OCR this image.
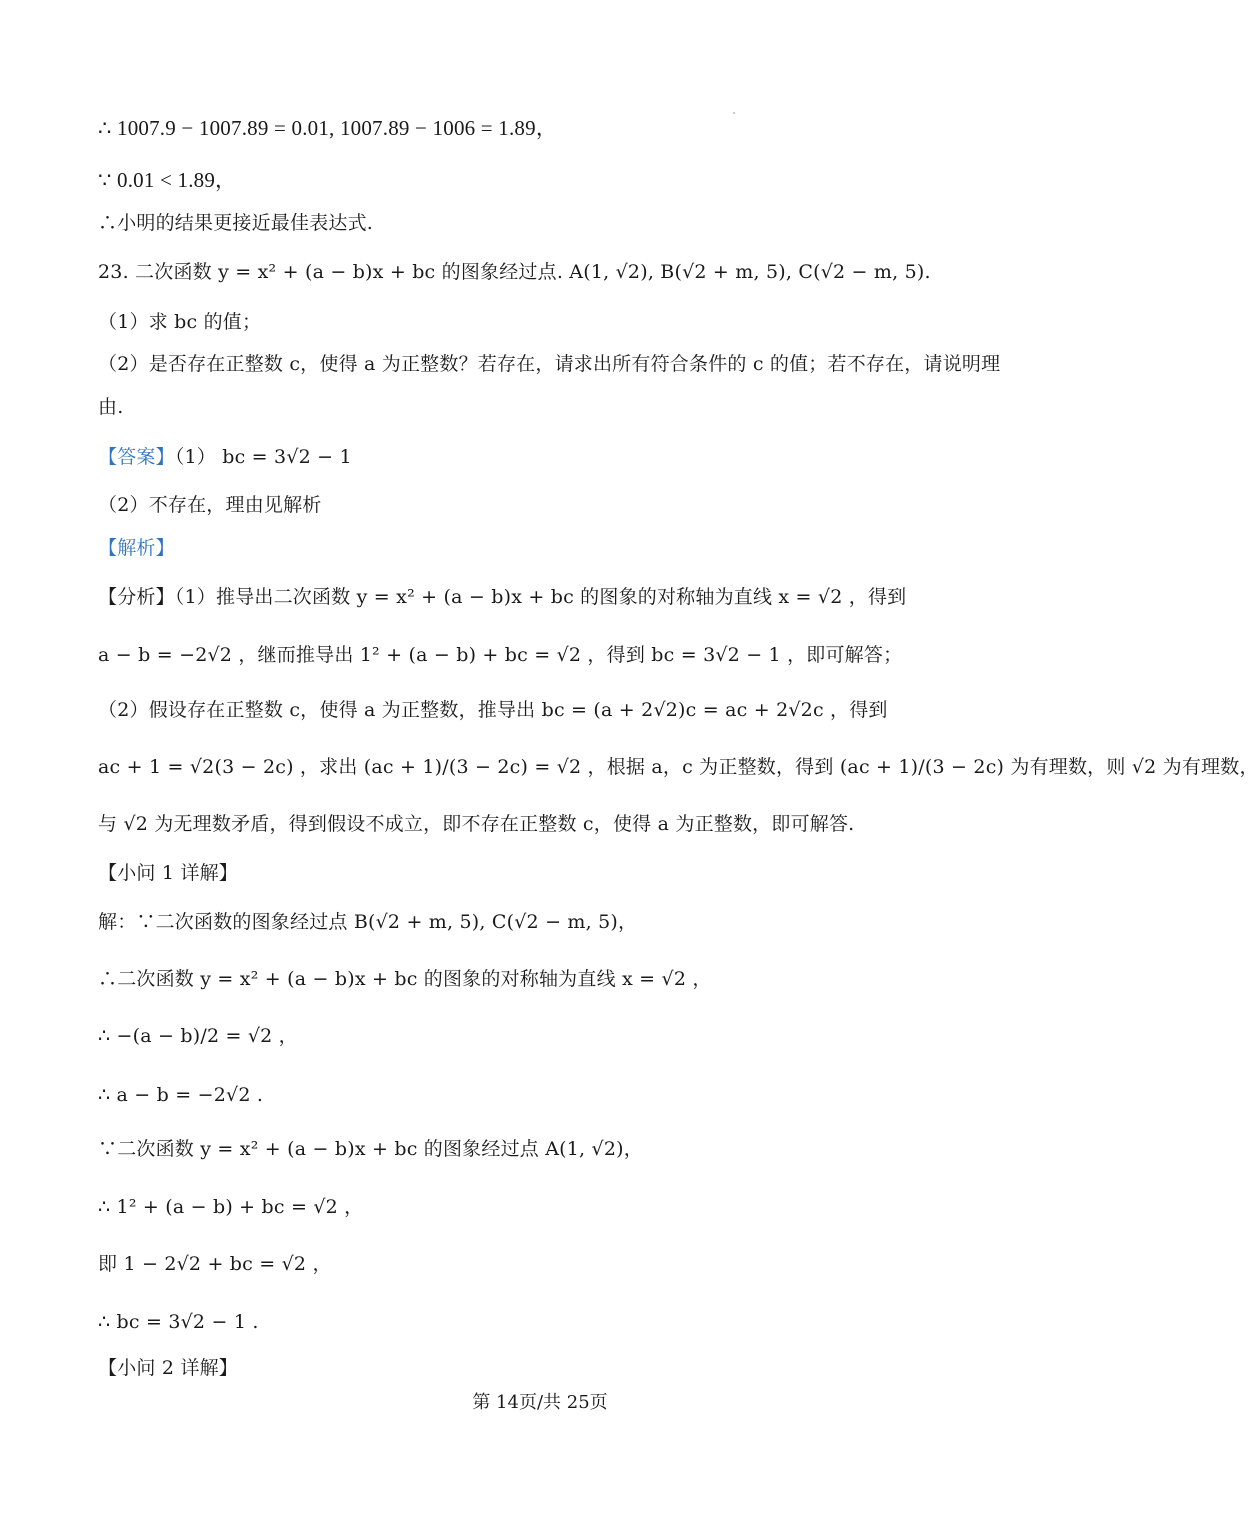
∴ 1007.9 − 1007.89 = 0.01, 1007.89 − 1006 = 1.89，
∵ 0.01 < 1.89，
∴小明的结果更接近最佳表达式.
23. 二次函数 y = x² + (a − b)x + bc 的图象经过点. A(1, √2), B(√2 + m, 5), C(√2 − m, 5).
（1）求 bc 的值；
（2）是否存在正整数 c，使得 a 为正整数？若存在，请求出所有符合条件的 c 的值；若不存在，请说明理
由.
【答案】（1） bc = 3√2 − 1
（2）不存在，理由见解析
【解析】
【分析】（1）推导出二次函数 y = x² + (a − b)x + bc 的图象的对称轴为直线 x = √2 ，得到
a − b = −2√2 ，继而推导出 1² + (a − b) + bc = √2 ，得到 bc = 3√2 − 1 ，即可解答；
（2）假设存在正整数 c，使得 a 为正整数，推导出 bc = (a + 2√2)c = ac + 2√2c ，得到
ac + 1 = √2(3 − 2c) ，求出 (ac + 1)/(3 − 2c) = √2 ，根据 a，c 为正整数，得到 (ac + 1)/(3 − 2c) 为有理数，则 √2 为有理数，
与 √2 为无理数矛盾，得到假设不成立，即不存在正整数 c，使得 a 为正整数，即可解答.
【小问 1 详解】
解：∵二次函数的图象经过点 B(√2 + m, 5), C(√2 − m, 5)，
∴二次函数 y = x² + (a − b)x + bc 的图象的对称轴为直线 x = √2 ，
∴ −(a − b)/2 = √2 ，
∴ a − b = −2√2 .
∵二次函数 y = x² + (a − b)x + bc 的图象经过点 A(1, √2)，
∴ 1² + (a − b) + bc = √2 ，
即 1 − 2√2 + bc = √2 ，
∴ bc = 3√2 − 1 .
【小问 2 详解】
第 14页/共 25页
